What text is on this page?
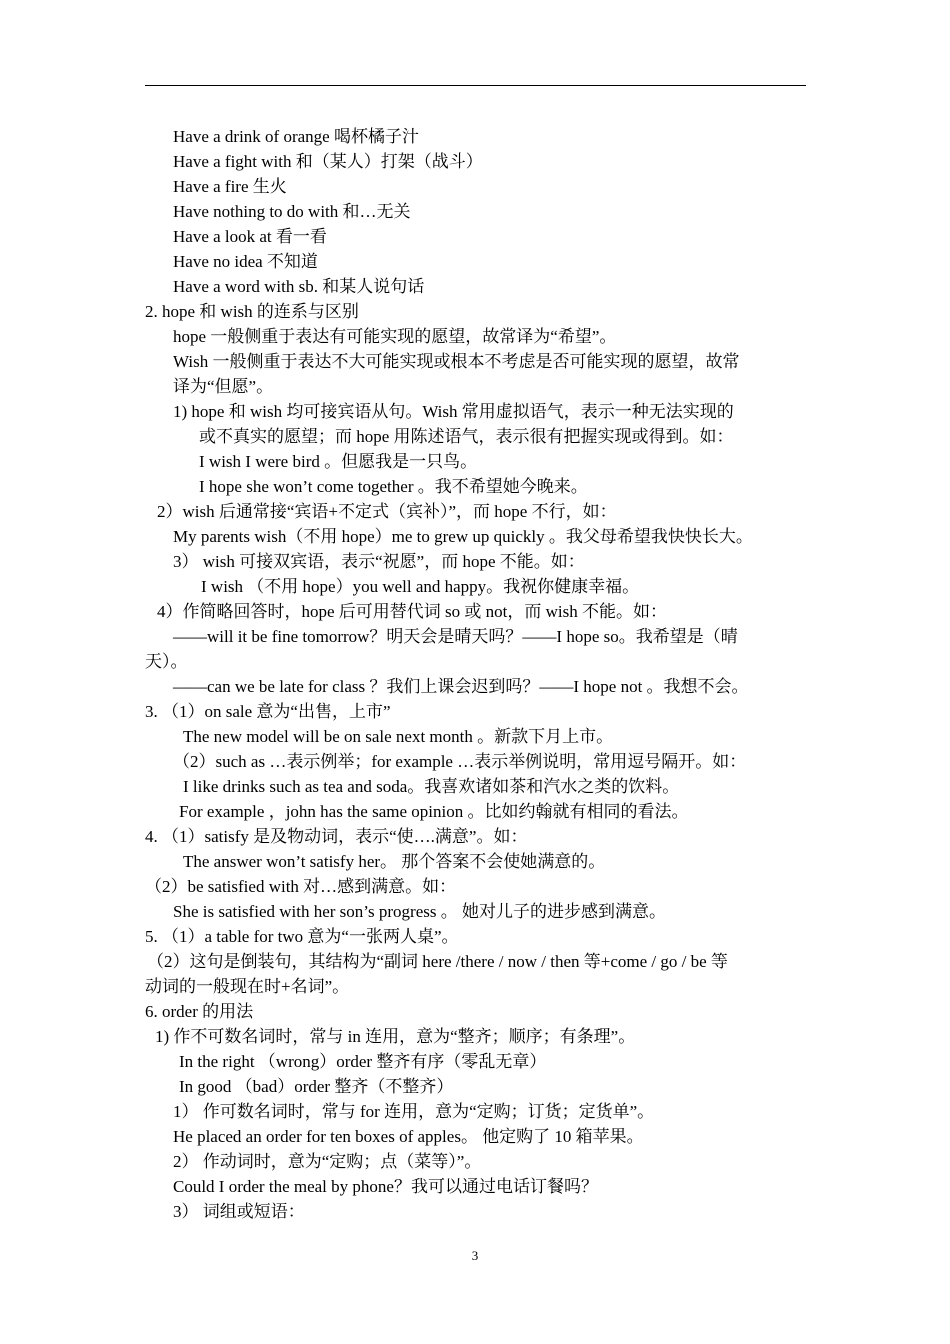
Have a drink of orange 喝杯橘子汁
Have a fight with 和（某人）打架（战斗）
Have a fire 生火
Have nothing to do with 和…无关
Have a look at 看一看
Have no idea 不知道
Have a word with sb. 和某人说句话
2. hope 和 wish 的连系与区别
hope 一般侧重于表达有可能实现的愿望，故常译为“希望”。
Wish 一般侧重于表达不大可能实现或根本不考虑是否可能实现的愿望，故常
译为“但愿”。
1) hope 和 wish 均可接宾语从句。Wish 常用虚拟语气，表示一种无法实现的
或不真实的愿望；而 hope 用陈述语气，表示很有把握实现或得到。如：
I wish I were bird 。但愿我是一只鸟。
I hope she won’t come together 。我不希望她今晚来。
2）wish 后通常接“宾语+不定式（宾补）”，而 hope 不行，如：
My parents wish（不用 hope）me to grew up quickly 。我父母希望我快快长大。
3） wish 可接双宾语，表示“祝愿”，而 hope 不能。如：
I wish （不用 hope）you well and happy。我祝你健康幸福。
4）作简略回答时，hope 后可用替代词 so 或 not，而 wish 不能。如：
——will it be fine tomorrow？明天会是晴天吗？——I hope so。我希望是（晴
天）。
——can we be late for class ？我们上课会迟到吗？——I hope not 。我想不会。
3. （1）on sale 意为“出售，上市”
The new model will be on sale next month 。新款下月上市。
（2）such as …表示例举；for example …表示举例说明，常用逗号隔开。如：
I like drinks such as tea and soda。我喜欢诸如茶和汽水之类的饮料。
For example ，john has the same opinion 。比如约翰就有相同的看法。
4. （1）satisfy 是及物动词，表示“使….满意”。如：
The answer won’t satisfy her。 那个答案不会使她满意的。
（2）be satisfied with 对…感到满意。如：
She is satisfied with her son’s progress 。 她对儿子的进步感到满意。
5. （1）a table for two 意为“一张两人桌”。
（2）这句是倒装句，其结构为“副词 here /there / now / then 等+come / go / be 等
动词的一般现在时+名词”。
6. order 的用法
1) 作不可数名词时，常与 in 连用，意为“整齐；顺序；有条理”。
In the right （wrong）order 整齐有序（零乱无章）
In good （bad）order 整齐（不整齐）
1） 作可数名词时，常与 for 连用，意为“定购；订货；定货单”。
He placed an order for ten boxes of apples。 他定购了 10 箱苹果。
2） 作动词时，意为“定购；点（菜等）”。
Could I order the meal by phone？我可以通过电话订餐吗？
3） 词组或短语：
3
